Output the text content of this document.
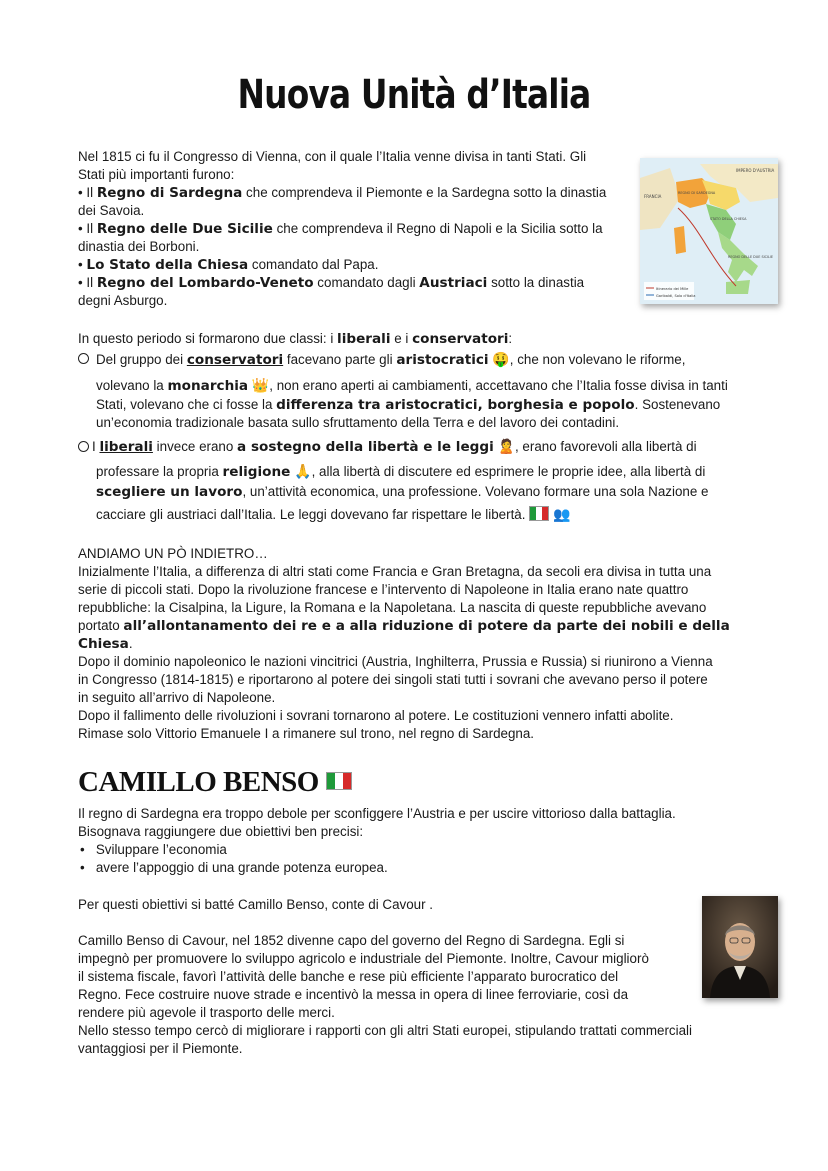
Nuova Unità d’Italia
Nel 1815 ci fu il Congresso di Vienna, con il quale l’Italia venne divisa in tanti Stati. Gli
Stati più importanti furono:
• Il Regno di Sardegna che comprendeva il Piemonte e la Sardegna sotto la dinastia
dei Savoia.
• Il Regno delle Due Sicilie che comprendeva il Regno di Napoli e la Sicilia sotto la
dinastia dei Borboni.
• Lo Stato della Chiesa comandato dal Papa.
• Il Regno del Lombardo-Veneto comandato dagli Austriaci sotto la dinastia
degni Asburgo.
Itinerario dei Mille
Garibaldi, Solo d'Italia
IMPERO D'AUSTRIA
FRANCIA
REGNO DI SARDEGNA
STATO DELLA CHIESA
REGNO DELLE DUE SICILIE
In questo periodo si formarono due classi: i liberali e i conservatori:
Del gruppo dei conservatori facevano parte gli aristocratici 🤑, che non volevano le riforme,
volevano la monarchia 👑, non erano aperti ai cambiamenti, accettavano che l’Italia fosse divisa in tanti
Stati, volevano che ci fosse la differenza tra aristocratici, borghesia e popolo. Sostenevano
un’economia tradizionale basata sullo sfruttamento della Terra e del lavoro dei contadini.
I liberali invece erano a sostegno della libertà e le leggi 🙎, erano favorevoli alla libertà di
professare la propria religione 🙏, alla libertà di discutere ed esprimere le proprie idee, alla libertà di
scegliere un lavoro, un’attività economica, una professione. Volevano formare una sola Nazione e
cacciare gli austriaci dall’Italia. Le leggi dovevano far rispettare le libertà. 👥
ANDIAMO UN PÒ INDIETRO…
Inizialmente l’Italia, a differenza di altri stati come Francia e Gran Bretagna, da secoli era divisa in tutta una
serie di piccoli stati. Dopo la rivoluzione francese e l’intervento di Napoleone in Italia erano nate quattro
repubbliche: la Cisalpina, la Ligure, la Romana e la Napoletana. La nascita di queste repubbliche avevano
portato all’allontanamento dei re e a alla riduzione di potere da parte dei nobili e della
Chiesa.
Dopo il dominio napoleonico le nazioni vincitrici (Austria, Inghilterra, Prussia e Russia) si riunirono a Vienna
in Congresso (1814-1815) e riportarono al potere dei singoli stati tutti i sovrani che avevano perso il potere
in seguito all’arrivo di Napoleone.
Dopo il fallimento delle rivoluzioni i sovrani tornarono al potere. Le costituzioni vennero infatti abolite.
Rimase solo Vittorio Emanuele I a rimanere sul trono, nel regno di Sardegna.
CAMILLO BENSO
Il regno di Sardegna era troppo debole per sconfiggere l’Austria e per uscire vittorioso dalla battaglia.
Bisognava raggiungere due obiettivi ben precisi:
•   Sviluppare l’economia
•   avere l’appoggio di una grande potenza europea.
Per questi obiettivi si batté Camillo Benso, conte di Cavour .
Camillo Benso di Cavour, nel 1852 divenne capo del governo del Regno di Sardegna. Egli si
impegnò per promuovere lo sviluppo agricolo e industriale del Piemonte. Inoltre, Cavour migliorò
il sistema fiscale, favorì l’attività delle banche e rese più efficiente l’apparato burocratico del
Regno. Fece costruire nuove strade e incentivò la messa in opera di linee ferroviarie, così da
rendere più agevole il trasporto delle merci.
Nello stesso tempo cercò di migliorare i rapporti con gli altri Stati europei, stipulando trattati commerciali
vantaggiosi per il Piemonte.
